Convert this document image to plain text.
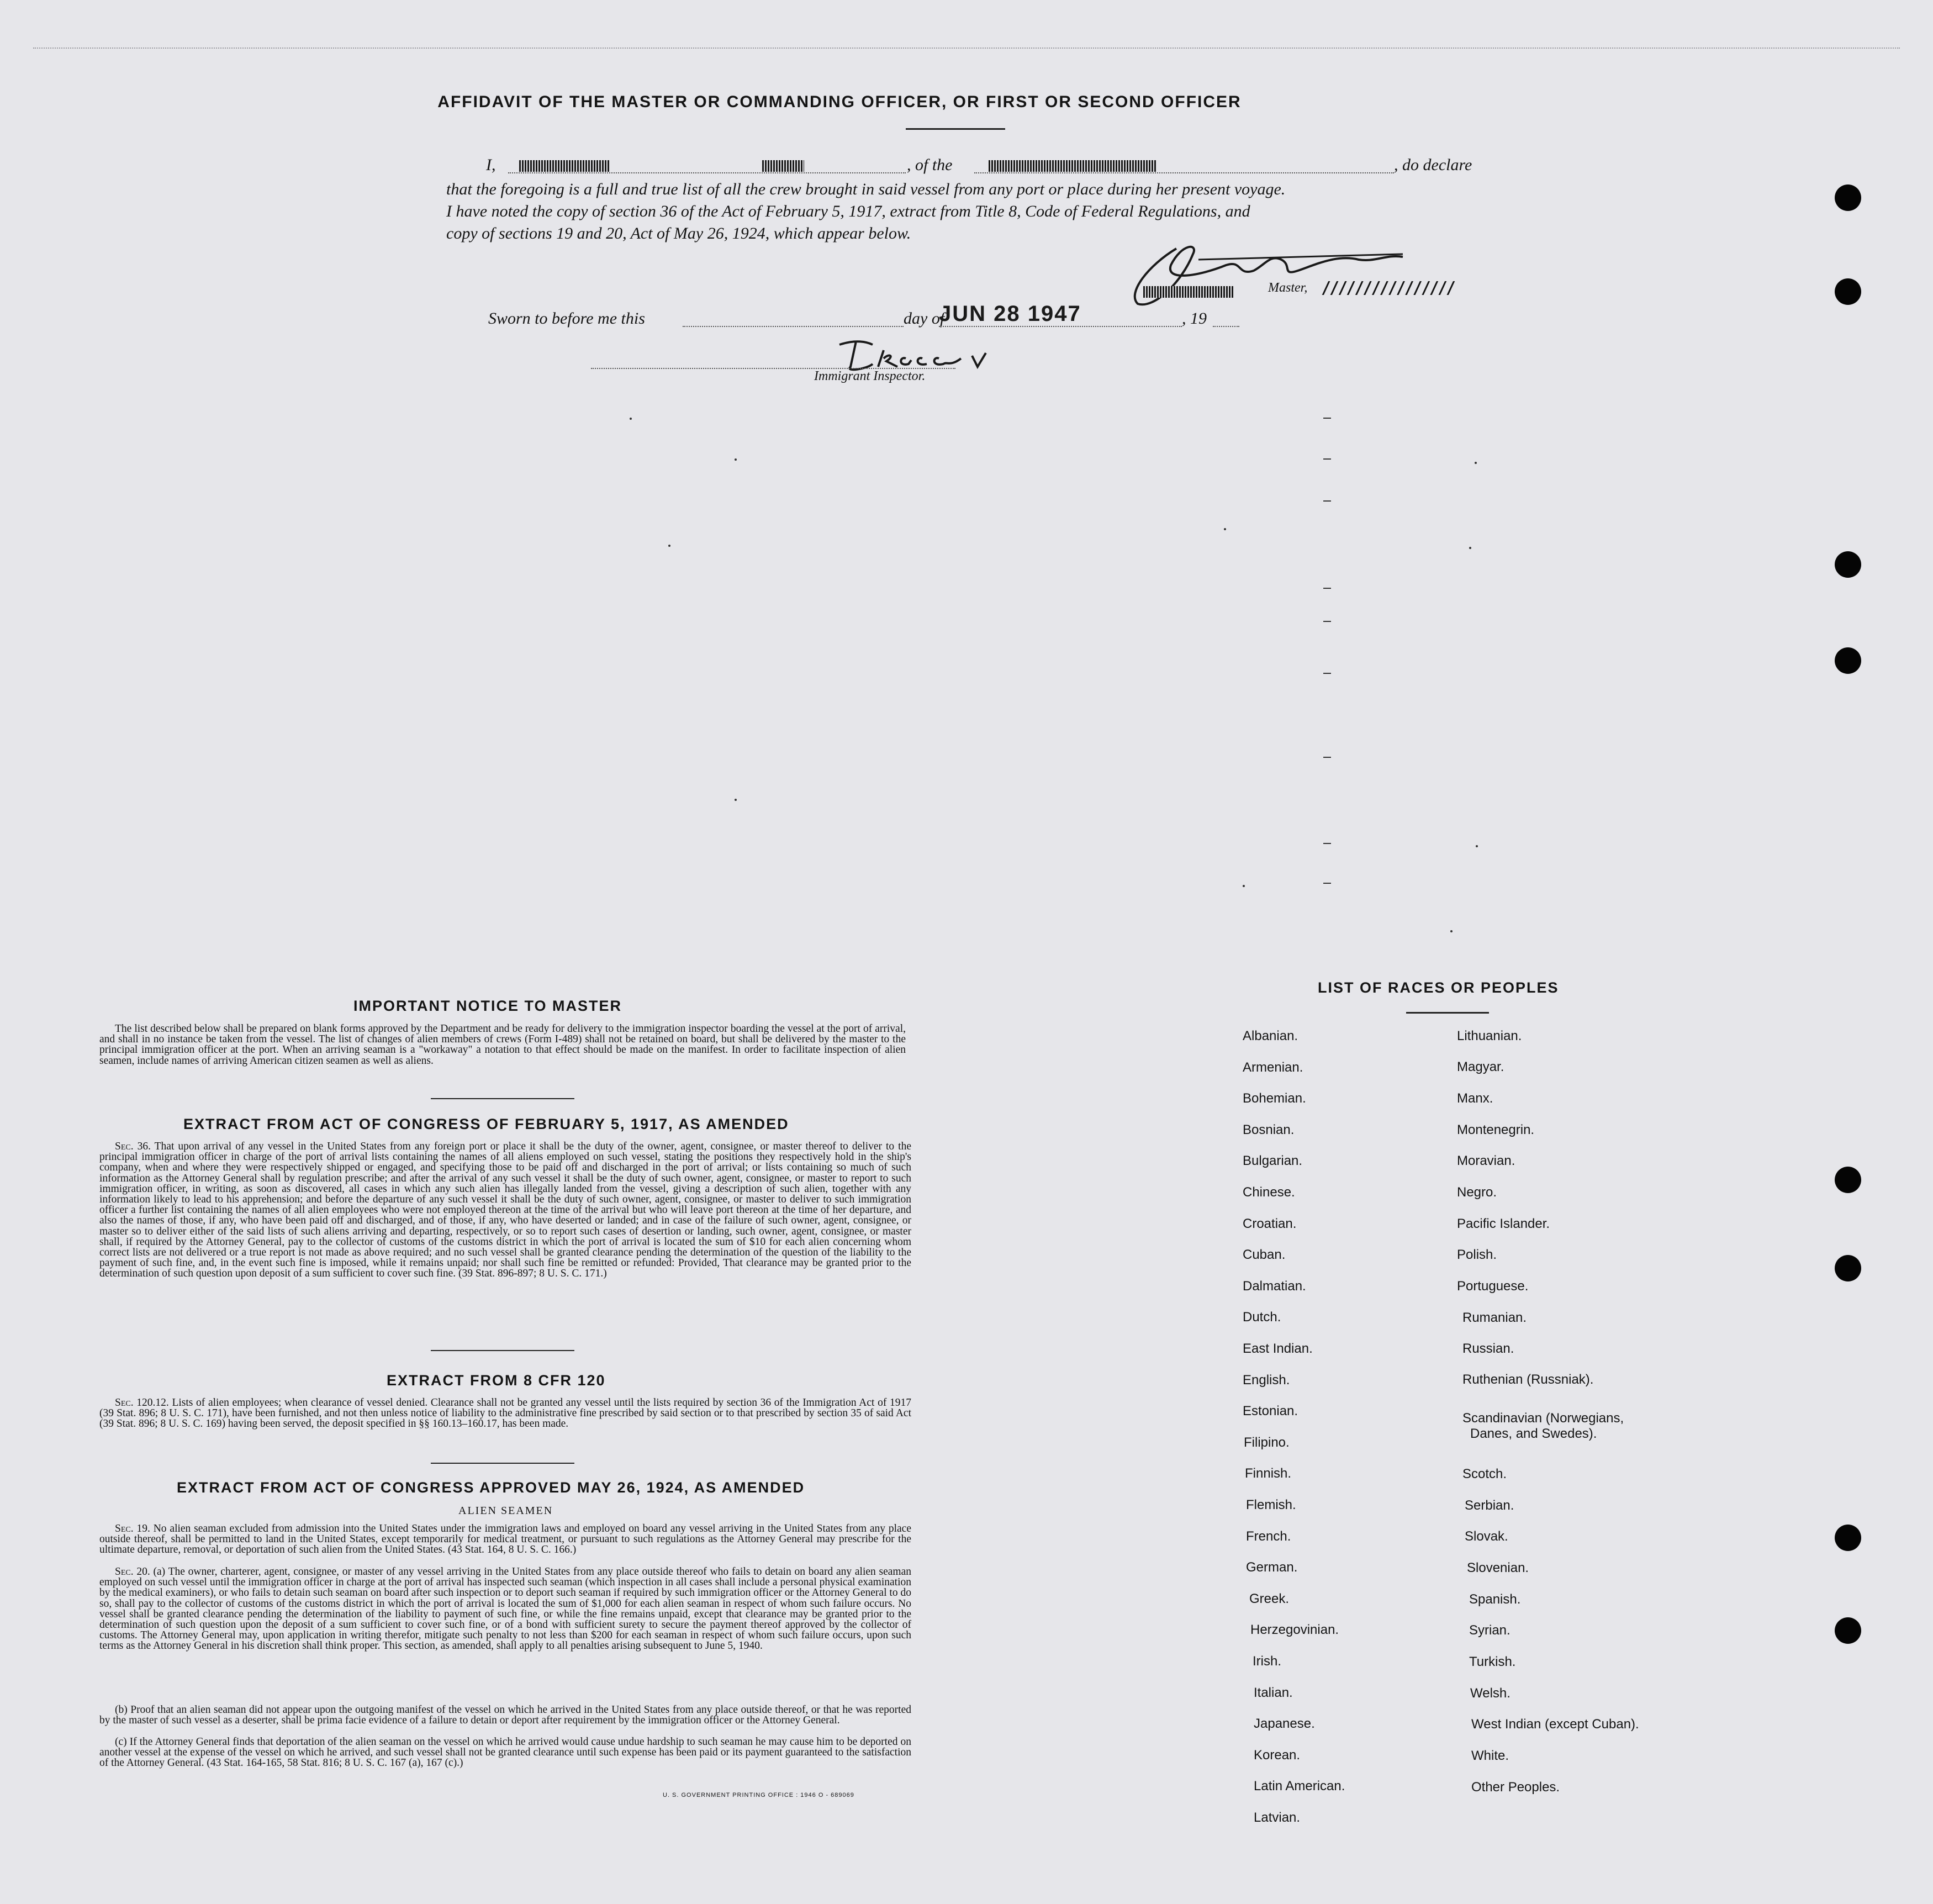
AFFIDAVIT OF THE MASTER OR COMMANDING OFFICER, OR FIRST OR SECOND OFFICER
I,	, of the	, do declare
that the foregoing is a full and true list of all the crew brought in said vessel from any port or place during her present voyage.
I have noted the copy of section 36 of the Act of February 5, 1917, extract from Title 8, Code of Federal Regulations, and
copy of sections 19 and 20, Act of May 26, 1924, which appear below.
Master, ////////////////
Sworn to before me this	day of
JUN 28 1947	, 19
Immigrant Inspector.
IMPORTANT NOTICE TO MASTER
The list described below shall be prepared on blank forms approved by the Department and be ready for delivery to the immigration inspector boarding the vessel at the port of arrival, and shall in no instance be taken from the vessel. The list of changes of alien members of crews (Form I-489) shall not be retained on board, but shall be delivered by the master to the principal immigration officer at the port. When an arriving seaman is a "workaway" a notation to that effect should be made on the manifest. In order to facilitate inspection of alien seamen, include names of arriving American citizen seamen as well as aliens.
EXTRACT FROM ACT OF CONGRESS OF FEBRUARY 5, 1917, AS AMENDED
Sec. 36. That upon arrival of any vessel in the United States from any foreign port or place it shall be the duty of the owner, agent, consignee, or master thereof to deliver to the principal immigration officer in charge of the port of arrival lists containing the names of all aliens employed on such vessel, stating the positions they respectively hold in the ship's company, when and where they were respectively shipped or engaged, and specifying those to be paid off and discharged in the port of arrival; or lists containing so much of such information as the Attorney General shall by regulation prescribe; and after the arrival of any such vessel it shall be the duty of such owner, agent, consignee, or master to report to such immigration officer, in writing, as soon as discovered, all cases in which any such alien has illegally landed from the vessel, giving a description of such alien, together with any information likely to lead to his apprehension; and before the departure of any such vessel it shall be the duty of such owner, agent, consignee, or master to deliver to such immigration officer a further list containing the names of all alien employees who were not employed thereon at the time of the arrival but who will leave port thereon at the time of her departure, and also the names of those, if any, who have been paid off and discharged, and of those, if any, who have deserted or landed; and in case of the failure of such owner, agent, consignee, or master so to deliver either of the said lists of such aliens arriving and departing, respectively, or so to report such cases of desertion or landing, such owner, agent, consignee, or master shall, if required by the Attorney General, pay to the collector of customs of the customs district in which the port of arrival is located the sum of $10 for each alien concerning whom correct lists are not delivered or a true report is not made as above required; and no such vessel shall be granted clearance pending the determination of the question of the liability to the payment of such fine, and, in the event such fine is imposed, while it remains unpaid; nor shall such fine be remitted or refunded: Provided, That clearance may be granted prior to the determination of such question upon deposit of a sum sufficient to cover such fine. (39 Stat. 896-897; 8 U. S. C. 171.)
EXTRACT FROM 8 CFR 120
Sec. 120.12. Lists of alien employees; when clearance of vessel denied. Clearance shall not be granted any vessel until the lists required by section 36 of the Immigration Act of 1917 (39 Stat. 896; 8 U. S. C. 171), have been furnished, and not then unless notice of liability to the administrative fine prescribed by said section or to that prescribed by section 35 of said Act (39 Stat. 896; 8 U. S. C. 169) having been served, the deposit specified in §§ 160.13–160.17, has been made.
EXTRACT FROM ACT OF CONGRESS APPROVED MAY 26, 1924, AS AMENDED
ALIEN SEAMEN
Sec. 19. No alien seaman excluded from admission into the United States under the immigration laws and employed on board any vessel arriving in the United States from any place outside thereof, shall be permitted to land in the United States, except temporarily for medical treatment, or pursuant to such regulations as the Attorney General may prescribe for the ultimate departure, removal, or deportation of such alien from the United States. (43 Stat. 164, 8 U. S. C. 166.)
Sec. 20. (a) The owner, charterer, agent, consignee, or master of any vessel arriving in the United States from any place outside thereof who fails to detain on board any alien seaman employed on such vessel until the immigration officer in charge at the port of arrival has inspected such seaman (which inspection in all cases shall include a personal physical examination by the medical examiners), or who fails to detain such seaman on board after such inspection or to deport such seaman if required by such immigration officer or the Attorney General to do so, shall pay to the collector of customs of the customs district in which the port of arrival is located the sum of $1,000 for each alien seaman in respect of whom such failure occurs. No vessel shall be granted clearance pending the determination of the liability to payment of such fine, or while the fine remains unpaid, except that clearance may be granted prior to the determination of such question upon the deposit of a sum sufficient to cover such fine, or of a bond with sufficient surety to secure the payment thereof approved by the collector of customs. The Attorney General may, upon application in writing therefor, mitigate such penalty to not less than $200 for each seaman in respect of whom such failure occurs, upon such terms as the Attorney General in his discretion shall think proper. This section, as amended, shall apply to all penalties arising subsequent to June 5, 1940.
(b) Proof that an alien seaman did not appear upon the outgoing manifest of the vessel on which he arrived in the United States from any place outside thereof, or that he was reported by the master of such vessel as a deserter, shall be prima facie evidence of a failure to detain or deport after requirement by the immigration officer or the Attorney General.
(c) If the Attorney General finds that deportation of the alien seaman on the vessel on which he arrived would cause undue hardship to such seaman he may cause him to be deported on another vessel at the expense of the vessel on which he arrived, and such vessel shall not be granted clearance until such expense has been paid or its payment guaranteed to the satisfaction of the Attorney General. (43 Stat. 164-165, 58 Stat. 816; 8 U. S. C. 167 (a), 167 (c).)
U. S. GOVERNMENT PRINTING OFFICE : 1946 O - 689069
LIST OF RACES OR PEOPLES
Albanian.
Armenian.
Bohemian.
Bosnian.
Bulgarian.
Chinese.
Croatian.
Cuban.
Dalmatian.
Dutch.
East Indian.
English.
Estonian.
Filipino.
Finnish.
Flemish.
French.
German.
Greek.
Herzegovinian.
Irish.
Italian.
Japanese.
Korean.
Latin American.
Latvian.
Lithuanian.
Magyar.
Manx.
Montenegrin.
Moravian.
Negro.
Pacific Islander.
Polish.
Portuguese.
Rumanian.
Russian.
Ruthenian (Russniak).
Scandinavian (Norwegians,
Danes, and Swedes).
Scotch.
Serbian.
Slovak.
Slovenian.
Spanish.
Syrian.
Turkish.
Welsh.
West Indian (except Cuban).
White.
Other Peoples.
